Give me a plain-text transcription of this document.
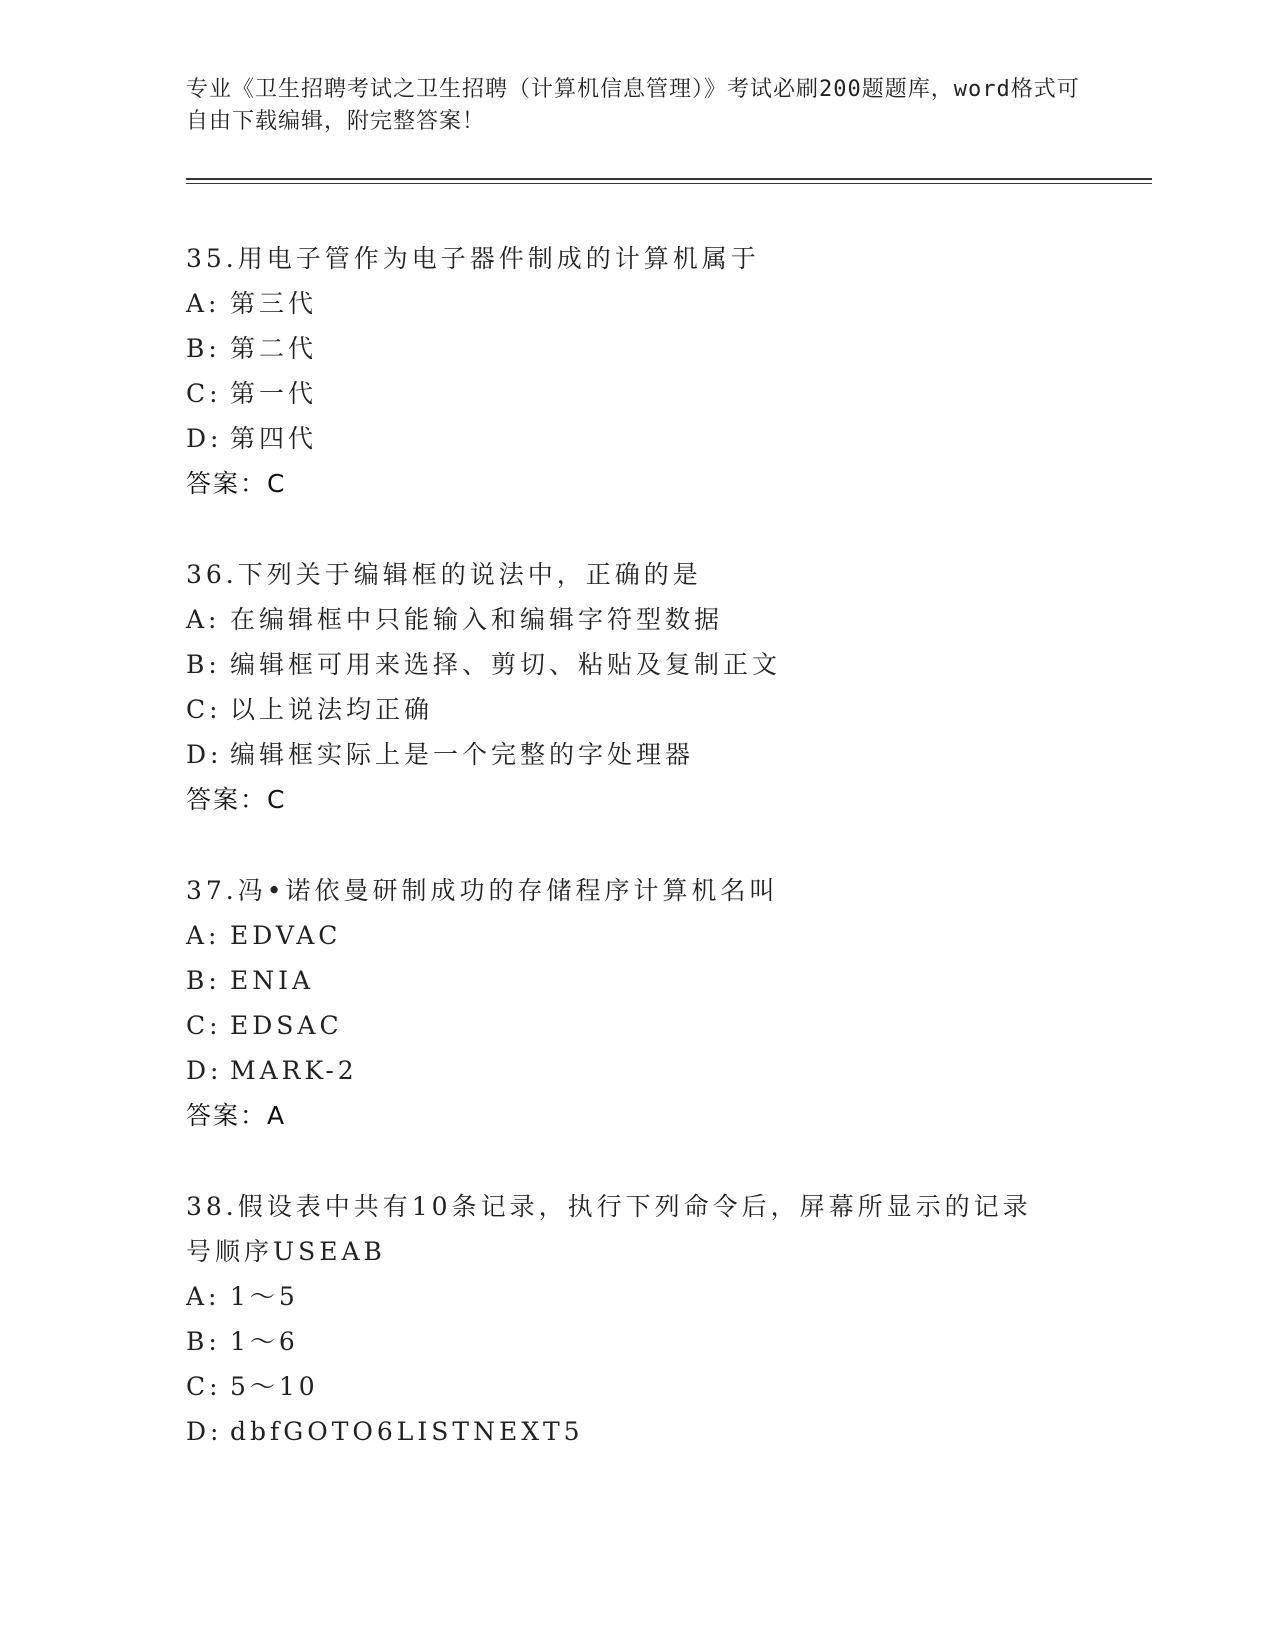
专业《卫生招聘考试之卫生招聘（计算机信息管理）》考试必刷200题题库，word格式可自由下载编辑，附完整答案！
35.用电子管作为电子器件制成的计算机属于
A: 第三代
B: 第二代
C: 第一代
D: 第四代
答案：C
36.下列关于编辑框的说法中，正确的是
A: 在编辑框中只能输入和编辑字符型数据
B: 编辑框可用来选择、剪切、粘贴及复制正文
C: 以上说法均正确
D: 编辑框实际上是一个完整的字处理器
答案：C
37.冯•诺依曼研制成功的存储程序计算机名叫
A: EDVAC
B: ENIA
C: EDSAC
D: MARK-2
答案：A
38.假设表中共有10条记录，执行下列命令后，屏幕所显示的记录号顺序USEAB
A: 1～5
B: 1～6
C: 5～10
D: dbfGOTO6LISTNEXT5
